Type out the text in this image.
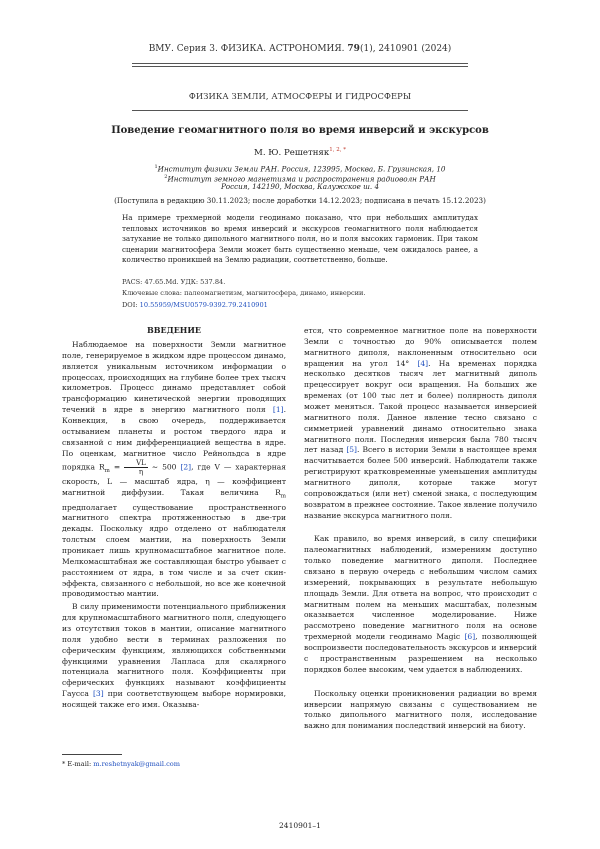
ВМУ. Серия 3. ФИЗИКА. АСТРОНОМИЯ. 79(1), 2410901 (2024)
ФИЗИКА ЗЕМЛИ, АТМОСФЕРЫ И ГИДРОСФЕРЫ
Поведение геомагнитного поля во время инверсий и экскурсов
М. Ю. Решетняк$^{1, 2, *}$
$^1$Институт физики Земли РАН. Россия, 123995, Москва, Б. Грузинская, 10
$^2$Институт земного магнетизма и распространения радиоволн РАН
Россия, 142190, Москва, Калужское ш. 4
(Поступила в редакцию 30.11.2023; после доработки 14.12.2023; подписана в печать 15.12.2023)
На примере трехмерной модели геодинамо показано, что при небольших амплитудах тепловых источников во время инверсий и экскурсов геомагнитного поля наблюдается затухание не только дипольного магнитного поля, но и поля высоких гармоник. При таком сценарии магнитосфера Земли может быть существенно меньше, чем ожидалось ранее, а количество проникшей на Землю радиации, соответственно, больше.
PACS: 47.65.Md. УДК: 537.84.
Ключевые слова: палеомагнетизм, магнитосфера, динамо, инверсии.
DOI: 10.55959/MSU0579-9392.79.2410901
ВВЕДЕНИЕ

Наблюдаемое на поверхности Земли магнитное поле, генерируемое в жидком ядре процессом динамо, является уникальным источником информации о процессах, происходящих на глубине более трех тысяч километров. Процесс динамо представляет собой трансформацию кинетической энергии проводящих течений в ядре в энергию магнитного поля [1]. Конвекция, в свою очередь, поддерживается остыванием планеты и ростом твердого ядра и связанной с ним дифференциацией вещества в ядре. По оценкам, магнитное число Рейнольдса в ядре порядка $R_m = \frac{VL}{\eta}$ ∼ 500 [2], где V — характерная скорость, L — масштаб ядра, η — коэффициент магнитной диффузии. Такая величина $R_m$ предполагает существование пространственного магнитного спектра протяженностью в две-три декады. Поскольку ядро отделено от наблюдателя толстым слоем мантии, на поверхность Земли проникает лишь крупномасштабное магнитное поле. Мелкомасштабная же составляющая быстро убывает с расстоянием от ядра, в том числе и за счет скин-эффекта, связанного с небольшой, но все же конечной проводимостью мантии.

В силу применимости потенциального приближения для крупномасштабного магнитного поля, следующего из отсутствия токов в мантии, описание магнитного поля удобно вести в терминах разложения по сферическим функциям, являющихся собственными функциями уравнения Лапласа для скалярного потенциала магнитного поля. Коэффициенты при сферических функциях называют коэффициенты Гаусса [3] при соответствующем выборе нормировки, носящей также его имя. Оказыва-

ется, что современное магнитное поле на поверхности Земли с точностью до 90% описывается полем магнитного диполя, наклоненным относительно оси вращения на угол 14° [4]. На временах порядка несколько десятков тысяч лет магнитный диполь прецессирует вокруг оси вращения. На больших же временах (от 100 тыс лет и более) полярность диполя может меняться. Такой процесс называется инверсией магнитного поля. Данное явление тесно связано с симметрией уравнений динамо относительно знака магнитного поля. Последняя инверсия была 780 тысяч лет назад [5]. Всего в истории Земли в настоящее время насчитывается более 500 инверсий. Наблюдатели также регистрируют кратковременные уменьшения амплитуды магнитного диполя, которые также могут сопровождаться (или нет) сменой знака, с последующим возвратом в прежнее состояние. Такое явление получило название экскурса магнитного поля.

Как правило, во время инверсий, в силу специфики палеомагнитных наблюдений, измерениям доступно только поведение магнитного диполя. Последнее связано в первую очередь с небольшим числом самих измерений, покрывающих в результате небольшую площадь Земли. Для ответа на вопрос, что происходит с магнитным полем на меньших масштабах, полезным оказывается численное моделирование. Ниже рассмотрено поведение магнитного поля на основе трехмерной модели геодинамо Magic [6], позволяющей воспроизвести последовательность экскурсов и инверсий с пространственным разрешением на несколько порядков более высоким, чем удается в наблюдениях.

Поскольку оценки проникновения радиации во время инверсии напрямую связаны с существованием не только дипольного магнитного поля, исследование важно для понимания последствий инверсий на биоту.

* E-mail: m.reshetnyak@gmail.com
2410901–1
